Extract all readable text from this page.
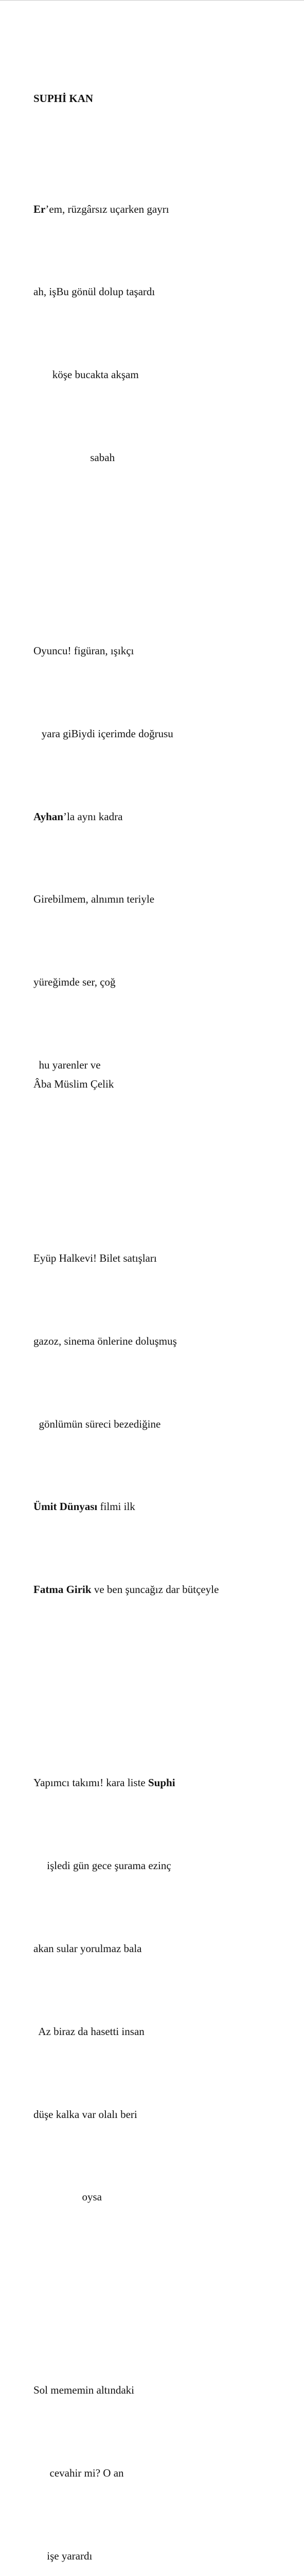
SUPHİ KAN

Er’em, rüzgârsız uçarken gayrı

ah, işBu gönül dolup taşardı

köşe bucakta akşam

sabah

Oyuncu! figüran, ışıkçı

yara giBiydi içerimde doğrusu

Ayhan’la aynı kadra

Girebilmem, alnımın teriyle

yüreğimde ser, çoğ

hu yarenler ve

Eyüp Halkevi! Bilet satışları

gazoz, sinema önlerine doluşmuş

gönlümün süreci bezediğine

Ümit Dünyası filmi ilk

Fatma Girik ve ben şuncağız dar bütçeyle

Yapımcı takımı! kara liste Suphi

işledi gün gece şurama ezinç

akan sular yorulmaz bala

Az biraz da hasetti insan

düşe kalka var olalı beri

oysa

Sol mememin altındaki

cevahir mi? O an

işe yarardı

Âba Müslim Çelik
